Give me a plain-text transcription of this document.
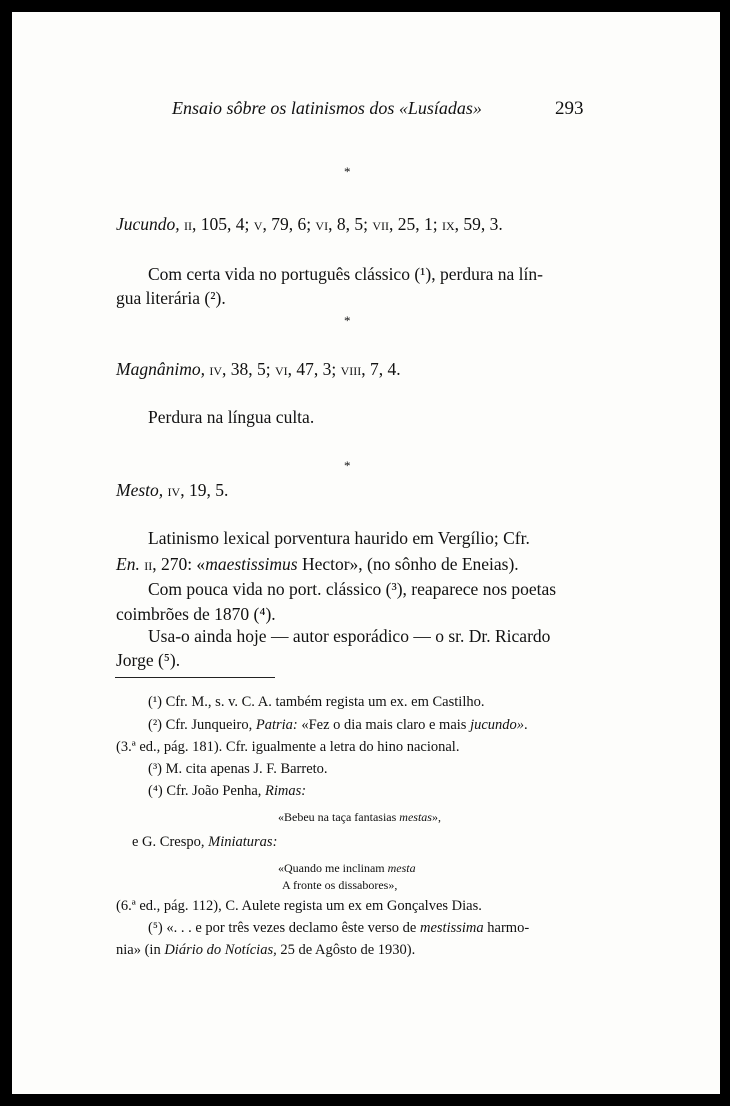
Ensaio sôbre os latinismos dos «Lusíadas»	293
*
Jucundo, ii, 105, 4; v, 79, 6; vi, 8, 5; vii, 25, 1; ix, 59, 3.
Com certa vida no português clássico (¹), perdura na lín-
gua literária (²).
*
Magnânimo, iv, 38, 5; vi, 47, 3; viii, 7, 4.
Perdura na língua culta.
*
Mesto, iv, 19, 5.
Latinismo lexical porventura haurido em Vergílio; Cfr.
En. ii, 270: «maestissimus Hector», (no sônho de Eneias).
Com pouca vida no port. clássico (³), reaparece nos poetas
coimbrões de 1870 (⁴).
Usa-o ainda hoje — autor esporádico — o sr. Dr. Ricardo
Jorge (⁵).
(¹) Cfr. M., s. v. C. A. também regista um ex. em Castilho.
(²) Cfr. Junqueiro, Patria: «Fez o dia mais claro e mais jucundo».
(3.ª ed., pág. 181). Cfr. igualmente a letra do hino nacional.
(³) M. cita apenas J. F. Barreto.
(⁴) Cfr. João Penha, Rimas:
«Bebeu na taça fantasias mestas»,
e G. Crespo, Miniaturas:
«Quando me inclinam mesta
A fronte os dissabores»,
(6.ª ed., pág. 112), C. Aulete regista um ex em Gonçalves Dias.
(⁵) «. . . e por três vezes declamo êste verso de mestissima harmo-
nia» (in Diário do Notícias, 25 de Agôsto de 1930).
